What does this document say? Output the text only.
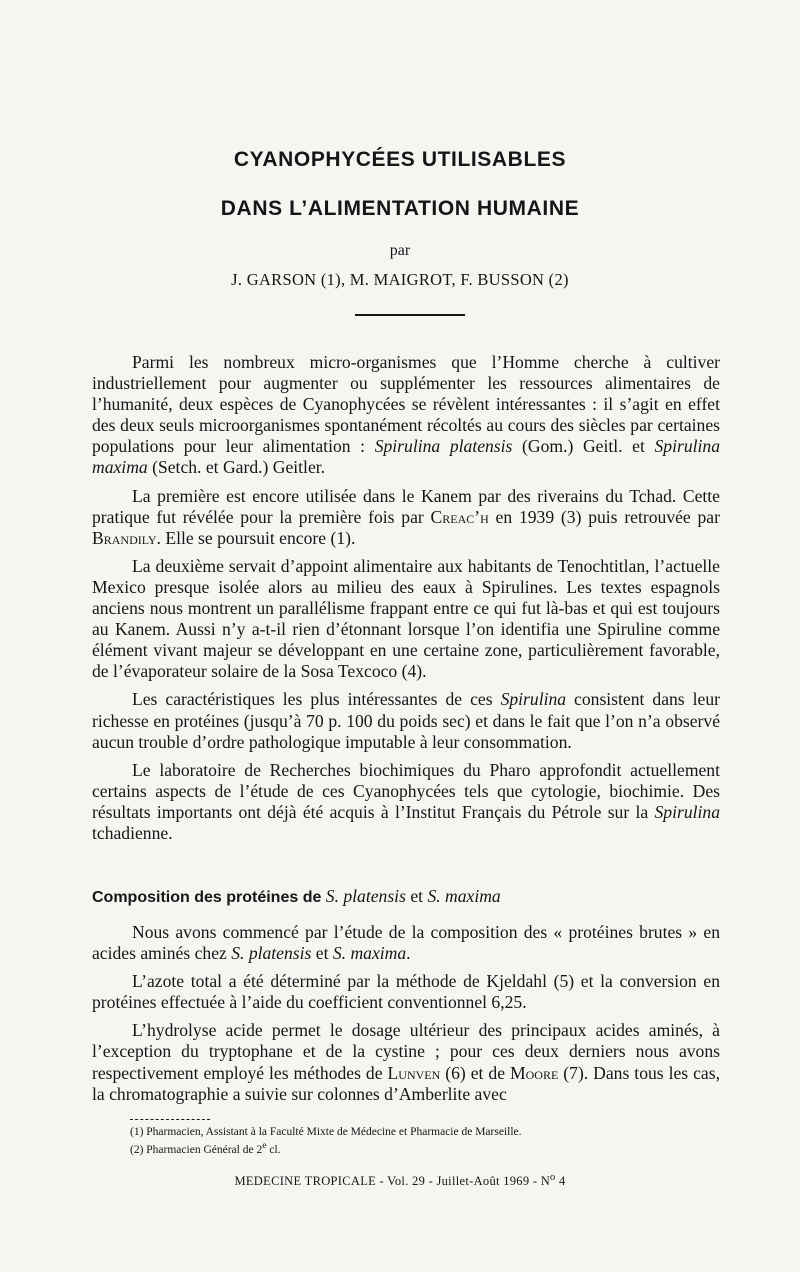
CYANOPHYCÉES UTILISABLES
DANS L’ALIMENTATION HUMAINE
par
J. GARSON (1), M. MAIGROT, F. BUSSON (2)

Parmi les nombreux micro-organismes que l’Homme cherche à cultiver industriellement pour augmenter ou supplémenter les ressources alimentaires de l’humanité, deux espèces de Cyanophycées se révèlent intéressantes : il s’agit en effet des deux seuls microorganismes spontanément récoltés au cours des siècles par certaines populations pour leur alimentation : Spirulina platensis (Gom.) Geitl. et Spirulina maxima (Setch. et Gard.) Geitler.

La première est encore utilisée dans le Kanem par des riverains du Tchad. Cette pratique fut révélée pour la première fois par Creac’h en 1939 (3) puis retrouvée par Brandily. Elle se poursuit encore (1).

La deuxième servait d’appoint alimentaire aux habitants de Tenochtitlan, l’actuelle Mexico presque isolée alors au milieu des eaux à Spirulines. Les textes espagnols anciens nous montrent un parallélisme frappant entre ce qui fut là-bas et qui est toujours au Kanem. Aussi n’y a-t-il rien d’étonnant lorsque l’on identifia une Spiruline comme élément vivant majeur se développant en une certaine zone, particulièrement favorable, de l’évaporateur solaire de la Sosa Texcoco (4).

Les caractéristiques les plus intéressantes de ces Spirulina consistent dans leur richesse en protéines (jusqu’à 70 p. 100 du poids sec) et dans le fait que l’on n’a observé aucun trouble d’ordre pathologique imputable à leur consommation.

Le laboratoire de Recherches biochimiques du Pharo approfondit actuellement certains aspects de l’étude de ces Cyanophycées tels que cytologie, biochimie. Des résultats importants ont déjà été acquis à l’Institut Français du Pétrole sur la Spirulina tchadienne.

Composition des protéines de S. platensis et S. maxima

Nous avons commencé par l’étude de la composition des « protéines brutes » en acides aminés chez S. platensis et S. maxima.

L’azote total a été déterminé par la méthode de Kjeldahl (5) et la conversion en protéines effectuée à l’aide du coefficient conventionnel 6,25.

L’hydrolyse acide permet le dosage ultérieur des principaux acides aminés, à l’exception du tryptophane et de la cystine ; pour ces deux derniers nous avons respectivement employé les méthodes de Lunven (6) et de Moore (7). Dans tous les cas, la chromatographie a suivie sur colonnes d’Amberlite avec

(1) Pharmacien, Assistant à la Faculté Mixte de Médecine et Pharmacie de Marseille.
(2) Pharmacien Général de 2e cl.
MEDECINE TROPICALE - Vol. 29 - Juillet-Août $1969 - N^o$ 4
